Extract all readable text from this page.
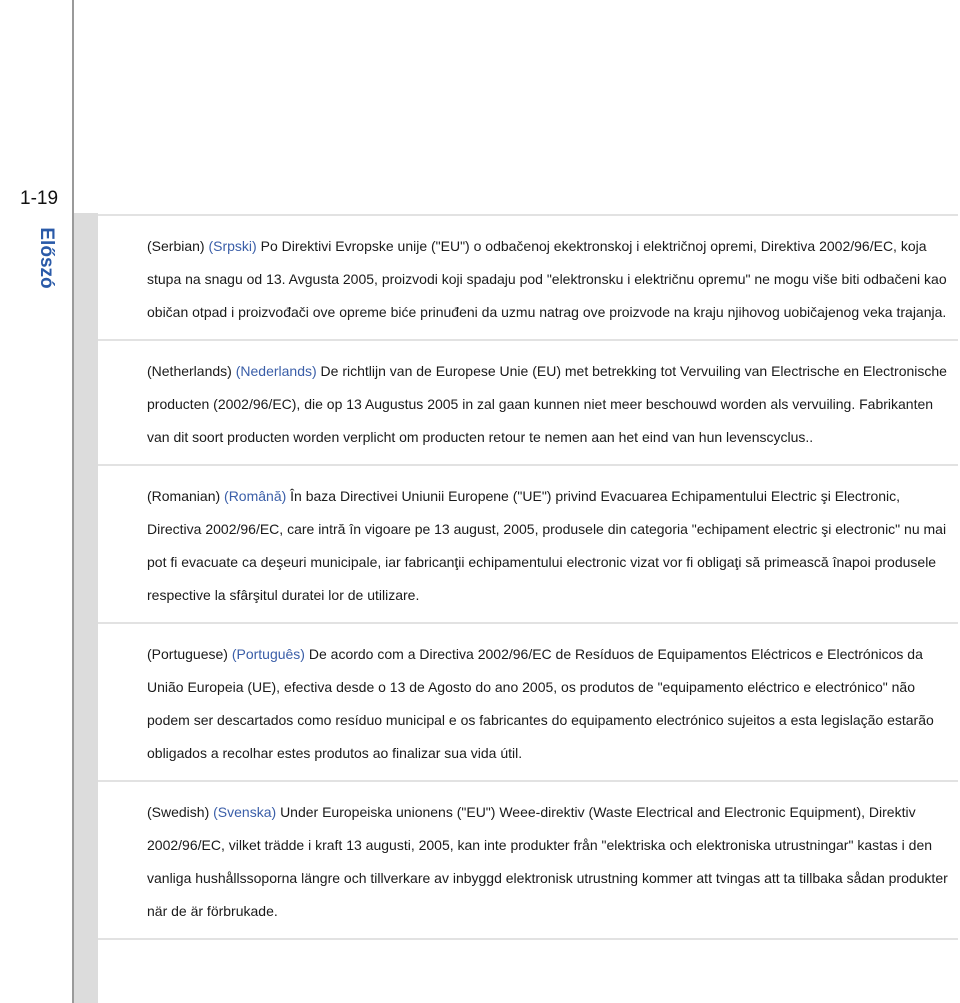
1-19
Előszó	(Serbian) (Srpski) Po Direktivi Evropske unije ("EU") o odbačenoj ekektronskoj i električnoj opremi, Direktiva 2002/96/EC, koja stupa na snagu od 13. Avgusta 2005, proizvodi koji spadaju pod "elektronsku i električnu opremu" ne mogu više biti odbačeni kao običan otpad i proizvođači ove opreme biće prinuđeni da uzmu natrag ove proizvode na kraju njihovog uobičajenog veka trajanja.

(Netherlands) (Nederlands) De richtlijn van de Europese Unie (EU) met betrekking tot Vervuiling van Electrische en Electronische producten (2002/96/EC), die op 13 Augustus 2005 in zal gaan kunnen niet meer beschouwd worden als vervuiling. Fabrikanten van dit soort producten worden verplicht om producten retour te nemen aan het eind van hun levenscyclus..

(Romanian) (Română) În baza Directivei Uniunii Europene ("UE") privind Evacuarea Echipamentului Electric şi Electronic, Directiva 2002/96/EC, care intră în vigoare pe 13 august, 2005, produsele din categoria "echipament electric şi electronic" nu mai pot fi evacuate ca deşeuri municipale, iar fabricanţii echipamentului electronic vizat vor fi obligaţi să primească înapoi produsele respective la sfârşitul duratei lor de utilizare.

(Portuguese) (Português) De acordo com a Directiva 2002/96/EC de Resíduos de Equipamentos Eléctricos e Electrónicos da União Europeia (UE), efectiva desde o 13 de Agosto do ano 2005, os produtos de "equipamento eléctrico e electrónico" não podem ser descartados como resíduo municipal e os fabricantes do equipamento electrónico sujeitos a esta legislação estarão obligados a recolhar estes produtos ao finalizar sua vida útil.

(Swedish) (Svenska) Under Europeiska unionens ("EU") Weee-direktiv (Waste Electrical and Electronic Equipment), Direktiv 2002/96/EC, vilket trädde i kraft 13 augusti, 2005, kan inte produkter från "elektriska och elektroniska utrustningar" kastas i den vanliga hushållssoporna längre och tillverkare av inbyggd elektronisk utrustning kommer att tvingas att ta tillbaka sådan produkter när de är förbrukade.
